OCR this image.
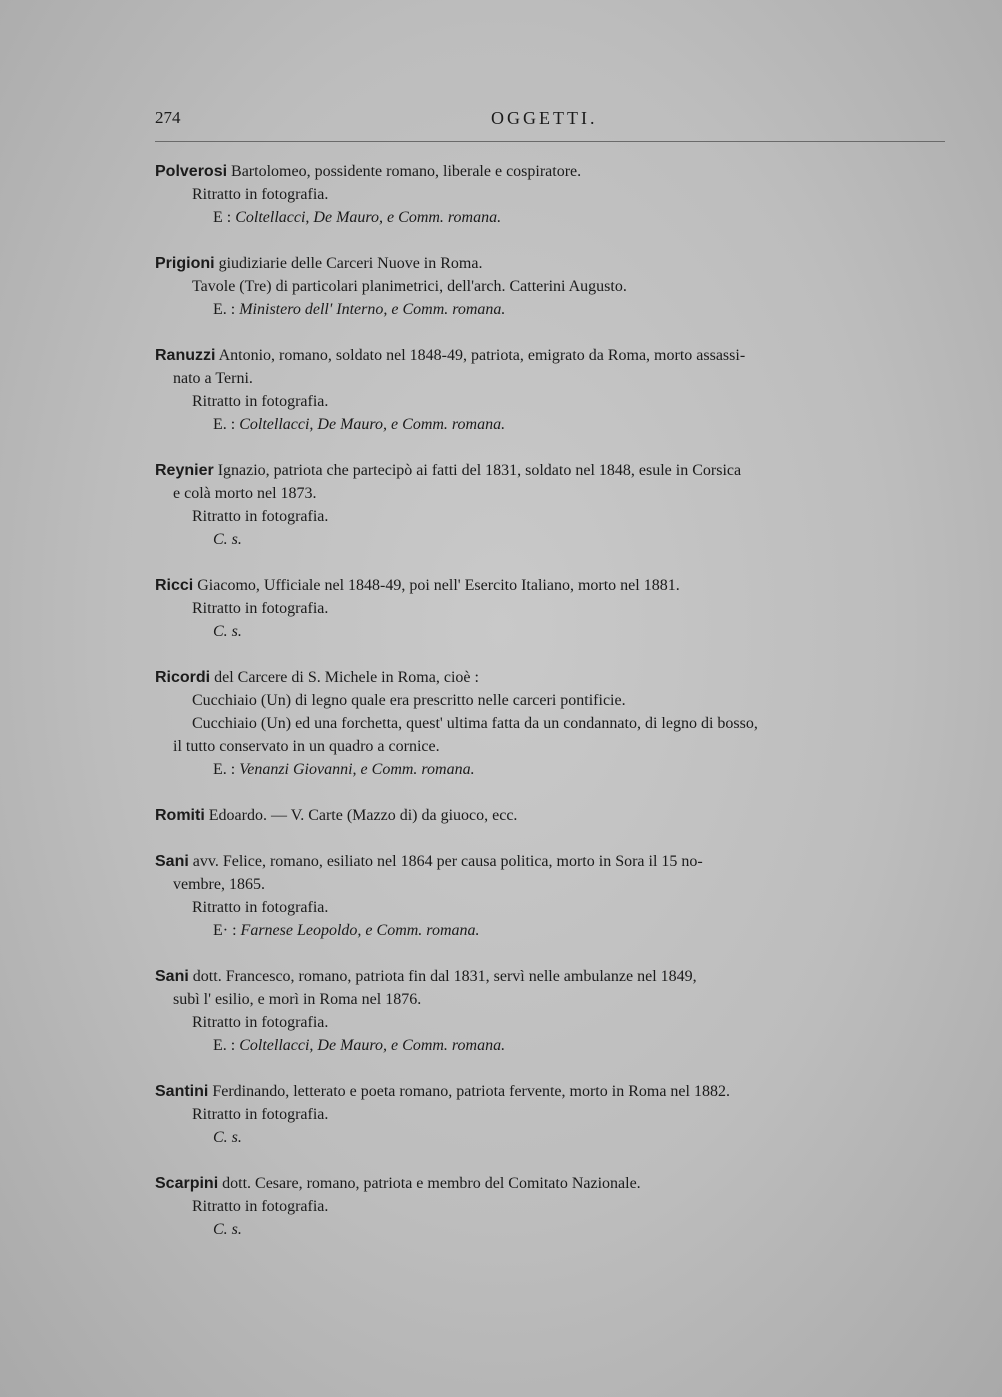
274	OGGETTI.
Polverosi Bartolomeo, possidente romano, liberale e cospiratore.
Ritratto in fotografia.
E : Coltellacci, De Mauro, e Comm. romana.
Prigioni giudiziarie delle Carceri Nuove in Roma.
Tavole (Tre) di particolari planimetrici, dell'arch. Catterini Augusto.
E. : Ministero dell' Interno, e Comm. romana.
Ranuzzi Antonio, romano, soldato nel 1848-49, patriota, emigrato da Roma, morto assassi-
nato a Terni.
Ritratto in fotografia.
E. : Coltellacci, De Mauro, e Comm. romana.
Reynier Ignazio, patriota che partecipò ai fatti del 1831, soldato nel 1848, esule in Corsica
e colà morto nel 1873.
Ritratto in fotografia.
C. s.
Ricci Giacomo, Ufficiale nel 1848-49, poi nell' Esercito Italiano, morto nel 1881.
Ritratto in fotografia.
C. s.
Ricordi del Carcere di S. Michele in Roma, cioè :
Cucchiaio (Un) di legno quale era prescritto nelle carceri pontificie.
Cucchiaio (Un) ed una forchetta, quest' ultima fatta da un condannato, di legno di bosso,
il tutto conservato in un quadro a cornice.
E. : Venanzi Giovanni, e Comm. romana.
Romiti Edoardo. — V. Carte (Mazzo di) da giuoco, ecc.
Sani avv. Felice, romano, esiliato nel 1864 per causa politica, morto in Sora il 15 no-
vembre, 1865.
Ritratto in fotografia.
E· : Farnese Leopoldo, e Comm. romana.
Sani dott. Francesco, romano, patriota fin dal 1831, servì nelle ambulanze nel 1849,
subì l' esilio, e morì in Roma nel 1876.
Ritratto in fotografia.
E. : Coltellacci, De Mauro, e Comm. romana.
Santini Ferdinando, letterato e poeta romano, patriota fervente, morto in Roma nel 1882.
Ritratto in fotografia.
C. s.
Scarpini dott. Cesare, romano, patriota e membro del Comitato Nazionale.
Ritratto in fotografia.
C. s.
